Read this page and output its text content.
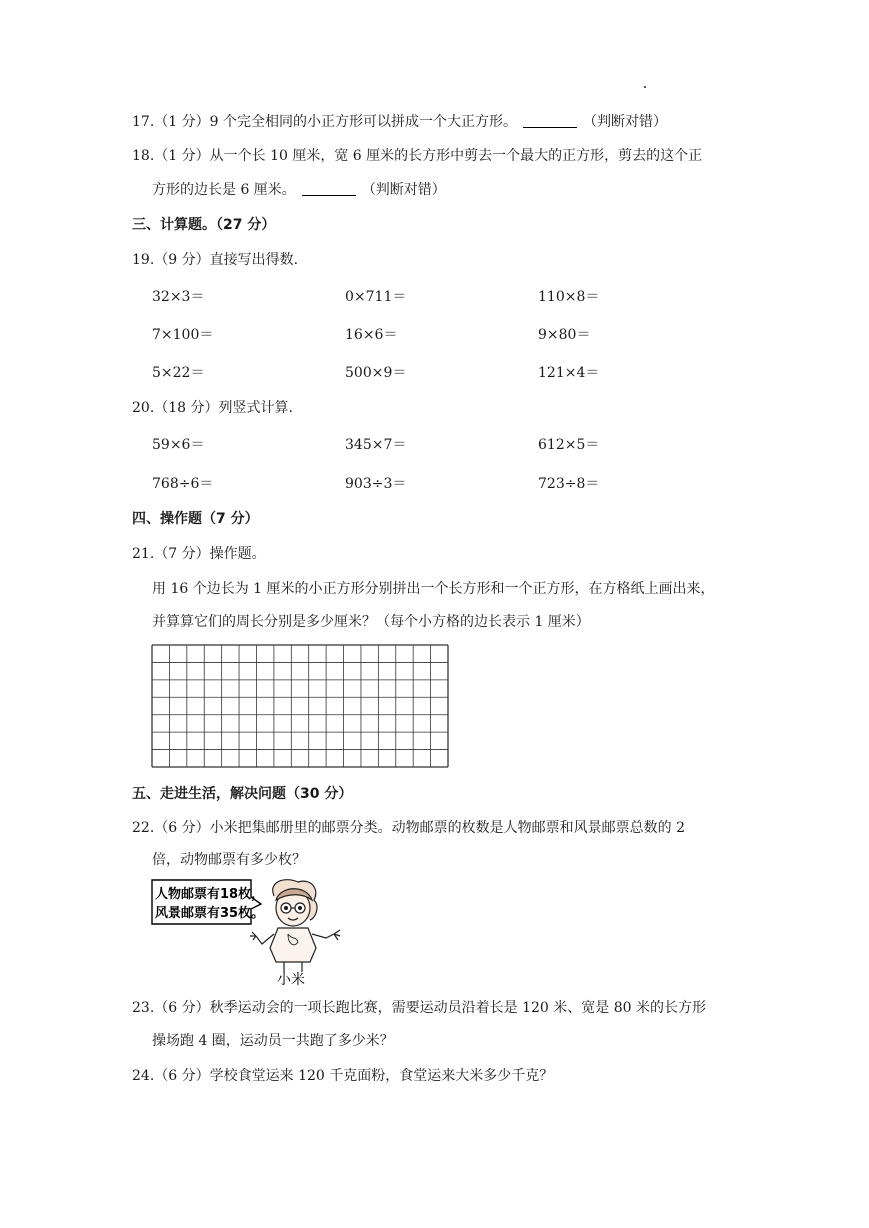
17.（1 分）9 个完全相同的小正方形可以拼成一个大正方形。	（判断对错）
18.（1 分）从一个长 10 厘米，宽 6 厘米的长方形中剪去一个最大的正方形，剪去的这个正
方形的边长是 6 厘米。	（判断对错）
三、计算题。（27 分）
19.（9 分）直接写出得数.
32×3＝	0×711＝	110×8＝
7×100＝	16×6＝	9×80＝
5×22＝	500×9＝	121×4＝
20.（18 分）列竖式计算.
59×6＝	345×7＝	612×5＝
768÷6＝	903÷3＝	723÷8＝
四、操作题（7 分）
21.（7 分）操作题。
用 16 个边长为 1 厘米的小正方形分别拼出一个长方形和一个正方形，在方格纸上画出来，
并算算它们的周长分别是多少厘米？（每个小方格的边长表示 1 厘米）
五、走进生活，解决问题（30 分）
22.（6 分）小米把集邮册里的邮票分类。动物邮票的枚数是人物邮票和风景邮票总数的 2
倍，动物邮票有多少枚？
人物邮票有18枚，
风景邮票有35枚。
小米
23.（6 分）秋季运动会的一项长跑比赛，需要运动员沿着长是 120 米、宽是 80 米的长方形
操场跑 4 圈，运动员一共跑了多少米？
24.（6 分）学校食堂运来 120 千克面粉，食堂运来大米多少千克？
